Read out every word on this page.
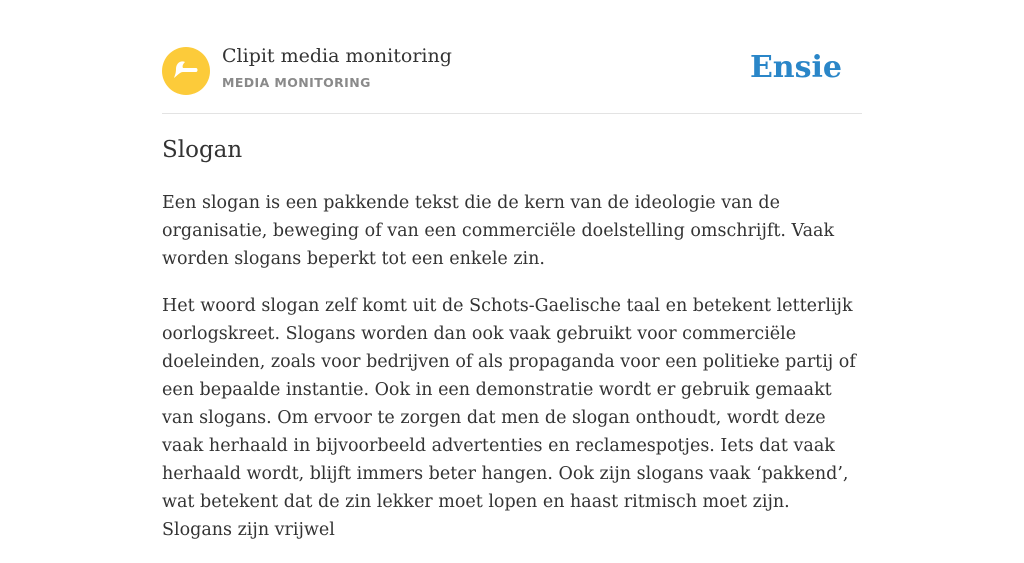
Clipit media monitoring
MEDIA MONITORING	Ensie
Slogan

Een slogan is een pakkende tekst die de kern van de ideologie van de organisatie, beweging of van een commerciële doelstelling omschrijft. Vaak worden slogans beperkt tot een enkele zin.

Het woord slogan zelf komt uit de Schots-Gaelische taal en betekent letterlijk oorlogskreet. Slogans worden dan ook vaak gebruikt voor commerciële doeleinden, zoals voor bedrijven of als propaganda voor een politieke partij of een bepaalde instantie. Ook in een demonstratie wordt er gebruik gemaakt van slogans. Om ervoor te zorgen dat men de slogan onthoudt, wordt deze vaak herhaald in bijvoorbeeld advertenties en reclamespotjes. Iets dat vaak herhaald wordt, blijft immers beter hangen. Ook zijn slogans vaak ‘pakkend’, wat betekent dat de zin lekker moet lopen en haast ritmisch moet zijn. Slogans zijn vrijwel
